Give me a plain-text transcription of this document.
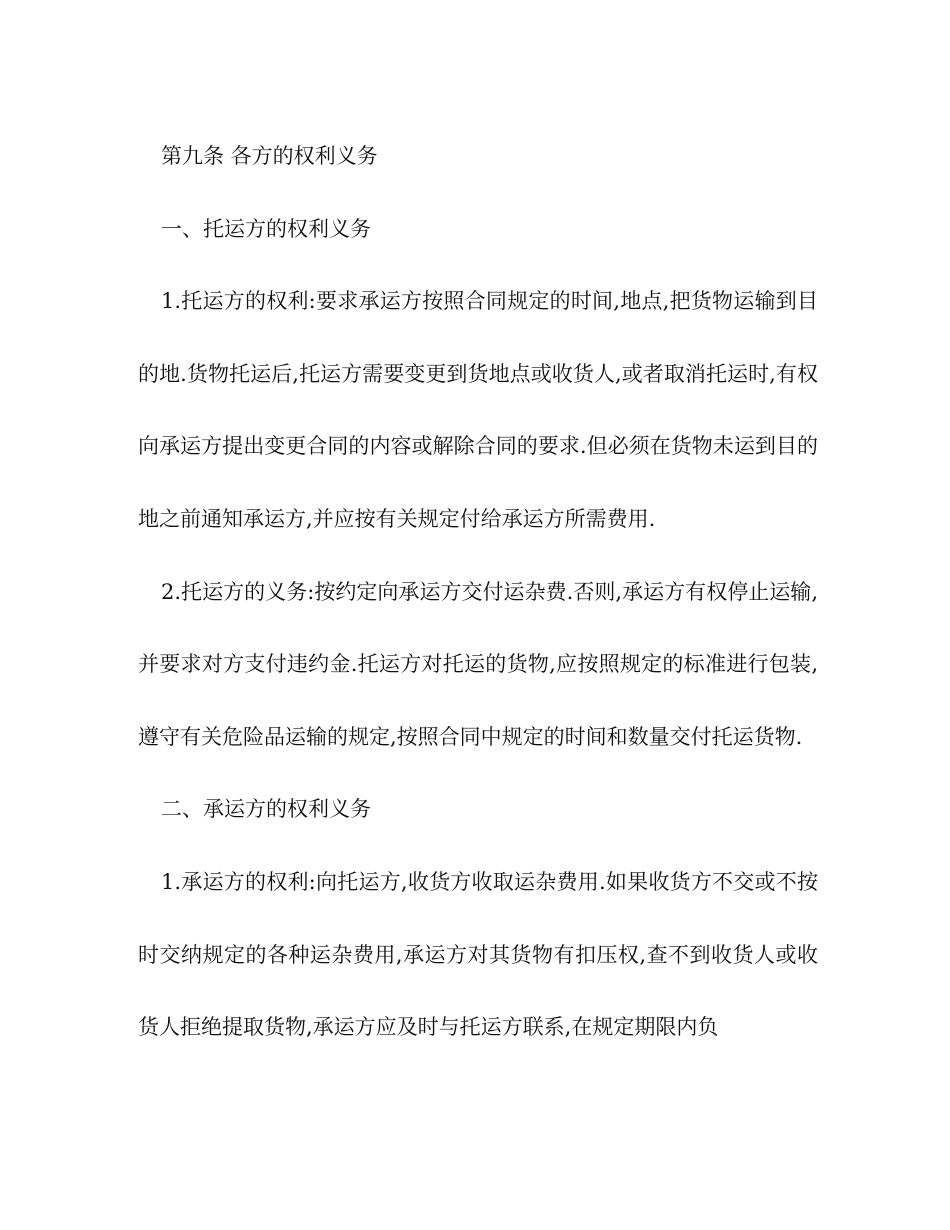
第九条 各方的权利义务

一、托运方的权利义务

1.托运方的权利:要求承运方按照合同规定的时间,地点,把货物运输到目的地.货物托运后,托运方需要变更到货地点或收货人,或者取消托运时,有权向承运方提出变更合同的内容或解除合同的要求.但必须在货物未运到目的地之前通知承运方,并应按有关规定付给承运方所需费用.

2.托运方的义务:按约定向承运方交付运杂费.否则,承运方有权停止运输,并要求对方支付违约金.托运方对托运的货物,应按照规定的标准进行包装,遵守有关危险品运输的规定,按照合同中规定的时间和数量交付托运货物.

二、承运方的权利义务

1.承运方的权利:向托运方,收货方收取运杂费用.如果收货方不交或不按时交纳规定的各种运杂费用,承运方对其货物有扣压权,查不到收货人或收货人拒绝提取货物,承运方应及时与托运方联系,在规定期限内负
